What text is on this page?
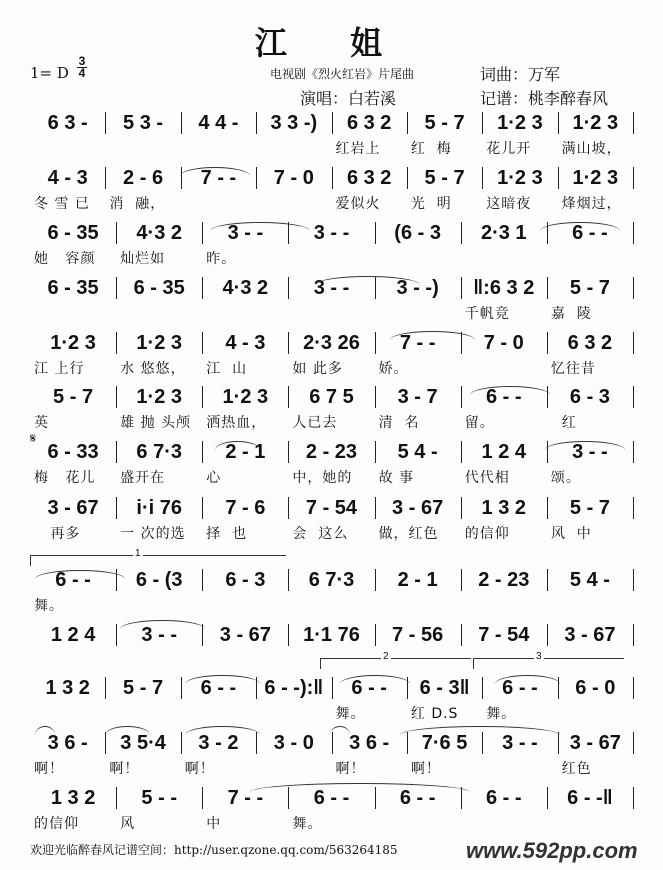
江 姐
1= D
3
4	电视剧《烈火红岩》片尾曲	词曲：万军
演唱：白若溪	记谱：桃李醉春风
红岩上 红  梅 花儿开 满山坡，
6 3 -	5 3 -	4 4 -	3 3 -)	6 3 2	5 - 7	1·2 3	1·2 3
冬 雪 已 消  融，	爱似火 光  明 这暗夜 烽烟过，
4 - 3	2 - 6	7 - -	7 - 0	6 3 2	5 - 7	1·2 3	1·2 3
她   容颜 灿烂如	昨。
6 - 35	4·3 2	3 - -	3 - -	(6 - 3	2·3 1	6 - -
千帆竞	嘉  陵
6 - 35	6 - 35	4·3 2	3 - -	3 - -)	‖:6 3 2	5 - 7
江 上行	水 悠悠， 江  山	如 此多	娇。	忆往昔
1·2 3	1·2 3	4 - 3	2·3 26	7 - -	7 - 0	6 3 2
英	雄 抛 头颅 洒热血， 人已去	清  名	留。	红
5 - 7	1·2 3	1·2 3	6 7 5	3 - 7	6 - -	6 - 3
梅   花儿 盛开在	心	中，她的 故 事	代代相	颂。
6 - 33	6 7·3	2 - 1	2 - 23	5 4 -	1 2 4	3 - -
再多	一 次的选 择  也	会  这么 做，红色 的信仰	风  中
3 - 67	i·i 76	7 - 6	7 - 54	3 - 67	1 3 2	5 - 7
舞。
6 - -	6 - (3	6 - 3	6 7·3	2 - 1	2 - 23	5 4 -
1 2 4	3 - -	3 - 67	1·1 76	7 - 56	7 - 54	3 - 67
舞。	红 D.S 舞。
1 3 2	5 - 7	6 - -	6 - -):‖	6 - -	6 - 3‖	6 - -	6 - 0
啊！	啊！	啊！	啊！	啊！	红色
3 6 -	3 5·4	3 - 2	3 - 0	3 6 -	7·6 5	3 - -	3 - 67
的信仰	风	中	舞。
1 3 2	5 - -	7 - -	6 - -	6 - -	6 - -	6 - -‖
1
2	3
𝄋
欢迎光临醉春风记谱空间：http://user.qzone.qq.com/563264185	www.592pp.com
